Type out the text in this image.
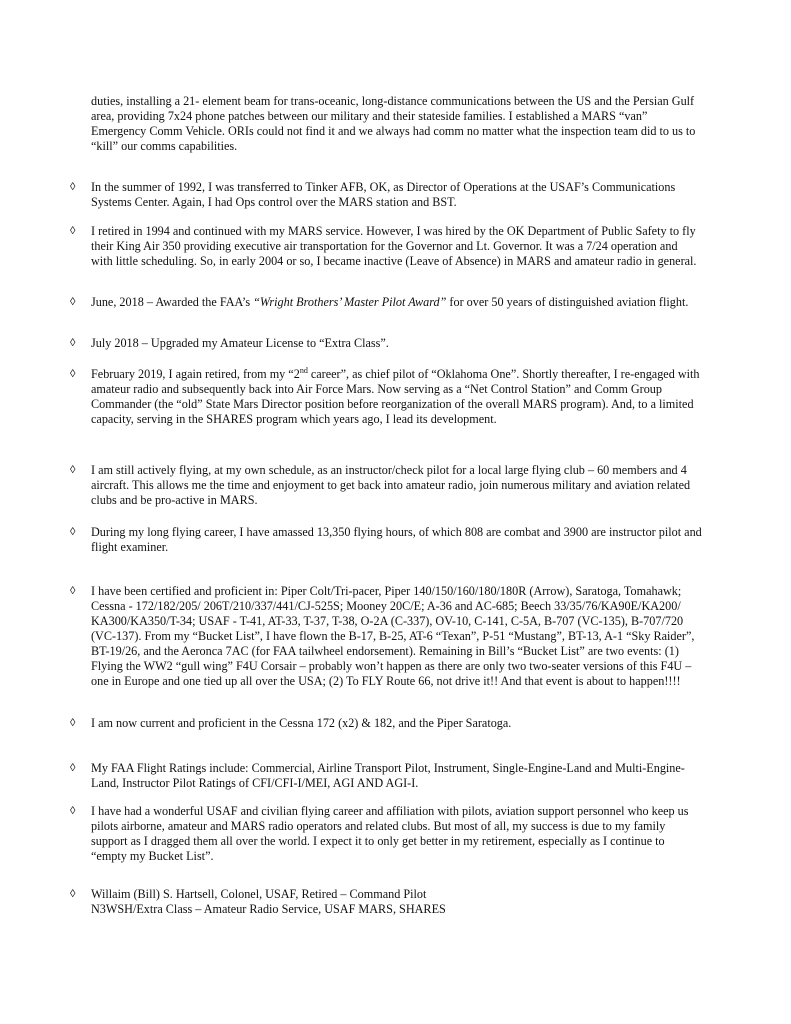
duties, installing a 21- element beam for trans-oceanic, long-distance communications between the US and the Persian Gulf
area, providing 7x24 phone patches between our military and their stateside families. I established a MARS “van”
Emergency Comm Vehicle. ORIs could not find it and we always had comm no matter what the inspection team did to us to
“kill” our comms capabilities.
◊ In the summer of 1992, I was transferred to Tinker AFB, OK, as Director of Operations at the USAF’s Communications
Systems Center. Again, I had Ops control over the MARS station and BST.
◊ I retired in 1994 and continued with my MARS service. However, I was hired by the OK Department of Public Safety to fly
their King Air 350 providing executive air transportation for the Governor and Lt. Governor. It was a 7/24 operation and
with little scheduling. So, in early 2004 or so, I became inactive (Leave of Absence) in MARS and amateur radio in general.
◊ June, 2018 – Awarded the FAA’s “Wright Brothers’ Master Pilot Award” for over 50 years of distinguished aviation flight.
◊ July 2018 – Upgraded my Amateur License to “Extra Class”.
◊ February 2019, I again retired, from my “2nd career”, as chief pilot of “Oklahoma One”. Shortly thereafter, I re-engaged with
amateur radio and subsequently back into Air Force Mars. Now serving as a “Net Control Station” and Comm Group
Commander (the “old” State Mars Director position before reorganization of the overall MARS program). And, to a limited
capacity, serving in the SHARES program which years ago, I lead its development.
◊ I am still actively flying, at my own schedule, as an instructor/check pilot for a local large flying club – 60 members and 4
aircraft. This allows me the time and enjoyment to get back into amateur radio, join numerous military and aviation related
clubs and be pro-active in MARS.
◊ During my long flying career, I have amassed 13,350 flying hours, of which 808 are combat and 3900 are instructor pilot and
flight examiner.
◊ I have been certified and proficient in: Piper Colt/Tri-pacer, Piper 140/150/160/180/180R (Arrow), Saratoga, Tomahawk;
Cessna - 172/182/205/ 206T/210/337/441/CJ-525S; Mooney 20C/E; A-36 and AC-685; Beech 33/35/76/KA90E/KA200/
KA300/KA350/T-34; USAF - T-41, AT-33, T-37, T-38, O-2A (C-337), OV-10, C-141, C-5A, B-707 (VC-135), B-707/720
(VC-137). From my “Bucket List”, I have flown the B-17, B-25, AT-6 “Texan”, P-51 “Mustang”, BT-13, A-1 “Sky Raider”,
BT-19/26, and the Aeronca 7AC (for FAA tailwheel endorsement). Remaining in Bill’s “Bucket List” are two events: (1)
Flying the WW2 “gull wing” F4U Corsair – probably won’t happen as there are only two two-seater versions of this F4U –
one in Europe and one tied up all over the USA; (2) To FLY Route 66, not drive it!! And that event is about to happen!!!!
◊ I am now current and proficient in the Cessna 172 (x2) & 182, and the Piper Saratoga.
◊ My FAA Flight Ratings include: Commercial, Airline Transport Pilot, Instrument, Single-Engine-Land and Multi-Engine-
Land, Instructor Pilot Ratings of CFI/CFI-I/MEI, AGI AND AGI-I.
◊ I have had a wonderful USAF and civilian flying career and affiliation with pilots, aviation support personnel who keep us
pilots airborne, amateur and MARS radio operators and related clubs. But most of all, my success is due to my family
support as I dragged them all over the world. I expect it to only get better in my retirement, especially as I continue to
“empty my Bucket List”.
◊ Willaim (Bill) S. Hartsell, Colonel, USAF, Retired – Command Pilot
N3WSH/Extra Class – Amateur Radio Service, USAF MARS, SHARES
